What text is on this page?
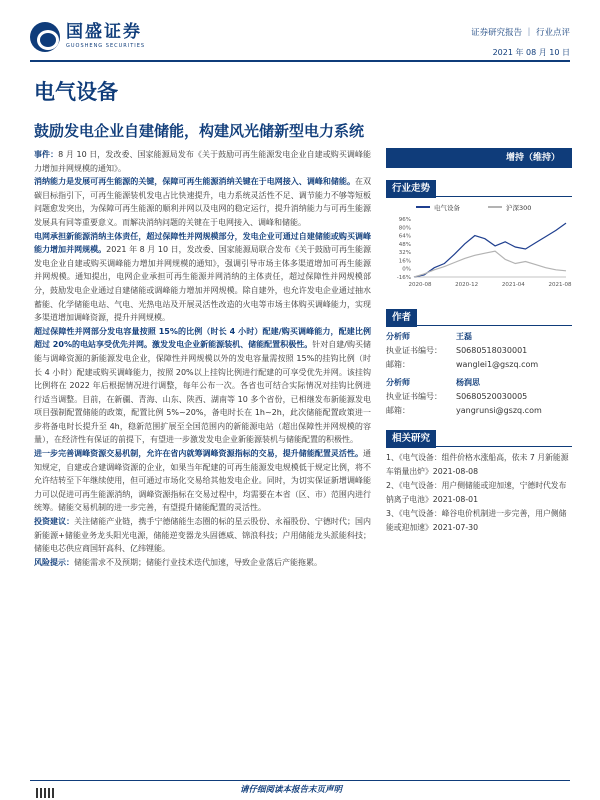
国盛证券
GUOSHENG SECURITIES
证券研究报告 ｜ 行业点评
2021 年 08 月 10 日
电气设备
鼓励发电企业自建储能，构建风光储新型电力系统

事件：8 月 10 日，发改委、国家能源局发布《关于鼓励可再生能源发电企业自建或购买调峰能力增加并网规模的通知》。

消纳能力是发展可再生能源的关键，保障可再生能源消纳关键在于电网接入、调峰和储能。在双碳目标指引下，可再生能源装机发电占比快速提升，电力系统灵活性不足、调节能力不够等短板问题愈发突出，为保障可再生能源的顺利并网以及电网的稳定运行，提升消纳能力与可再生能源发展具有同等重要意义。而解决消纳问题的关键在于电网接入、调峰和储能。

电网承担新能源消纳主体责任，超过保障性并网规模部分，发电企业可通过自建储能或购买调峰能力增加并网规模。2021 年 8 月 10 日，发改委、国家能源局联合发布《关于鼓励可再生能源发电企业自建或购买调峰能力增加并网规模的通知》，强调引导市场主体多渠道增加可再生能源并网规模。通知提出，电网企业承担可再生能源并网消纳的主体责任，超过保障性并网规模部分，鼓励发电企业通过自建储能或调峰能力增加并网规模。除自建外，也允许发电企业通过抽水蓄能、化学储能电站、气电、光热电站及开展灵活性改造的火电等市场主体购买调峰能力，实现多渠道增加调峰资源，提升并网规模。

超过保障性并网部分发电容量按照 15%的比例（时长 4 小时）配建/购买调峰能力，配建比例超过 20%的电站享受优先并网。激发发电企业新能源装机、储能配置积极性。针对自建/购买储能与调峰资源的新能源发电企业，保障性并网规模以外的发电容量需按照 15%的挂钩比例（时长 4 小时）配建或购买调峰能力，按照 20%以上挂钩比例进行配建的可享受优先并网。该挂钩比例将在 2022 年后根据情况进行调整，每年公布一次。各省也可结合实际情况对挂钩比例进行适当调整。目前，在新疆、青海、山东、陕西、湖南等 10 多个省份，已相继发布新能源发电项目强制配置储能的政策，配置比例 5%~20%，备电时长在 1h~2h，此次储能配置政策进一步将备电时长提升至 4h，稳新范围扩展至全国范围内的新能源电站（超出保障性并网规模的容量），在经济性有保证的前提下，有望进一步激发发电企业新能源装机与储能配置的积极性。

进一步完善调峰资源交易机制，允许在省内就筹调峰资源指标的交易，提升储能配置灵活性。通知规定，自建或合建调峰资源的企业，如果当年配建的可再生能源发电规模低于规定比例，将不允许结转至下年继续使用，但可通过市场化交易给其他发电企业。同时，为切实保证新增调峰能力可以促进可再生能源消纳，调峰资源指标在交易过程中，均需要在本省（区、市）范围内进行统筹。储能交易机制的进一步完善，有望提升储能配置的灵活性。

投资建议：关注储能产业链，携手宁德储能生态圈的标的星云股份、永福股份、宁德时代；国内新能源+储能业务龙头阳光电源，储能逆变器龙头固德威、锦浪科技；户用储能龙头派能科技；储能电芯供应商国轩高科、亿纬锂能。

风险提示：储能需求不及预期；储能行业技术迭代加速，导致企业落后产能拖累。

增持（维持）
行业走势
电气设备	沪深300
96%
80%
64%
48%
32%
16%
0%
-16%
2020-08	2020-12	2021-04	2021-08
作者
分析师	王磊
执业证书编号：	S0680518030001
邮箱：	wanglei1@gszq.com
分析师	杨润思
执业证书编号：	S0680520030005
邮箱：	yangrunsi@gszq.com
相关研究
1、《电气设备：组件价格水涨船高，依未 7 月新能源车销量出炉》2021-08-08
2、《电气设备：用户侧储能或迎加速，宁德时代发布钠离子电池》2021-08-01
3、《电气设备：峰谷电价机制进一步完善，用户侧储能或迎加速》2021-07-30
请仔细阅读本报告末页声明
